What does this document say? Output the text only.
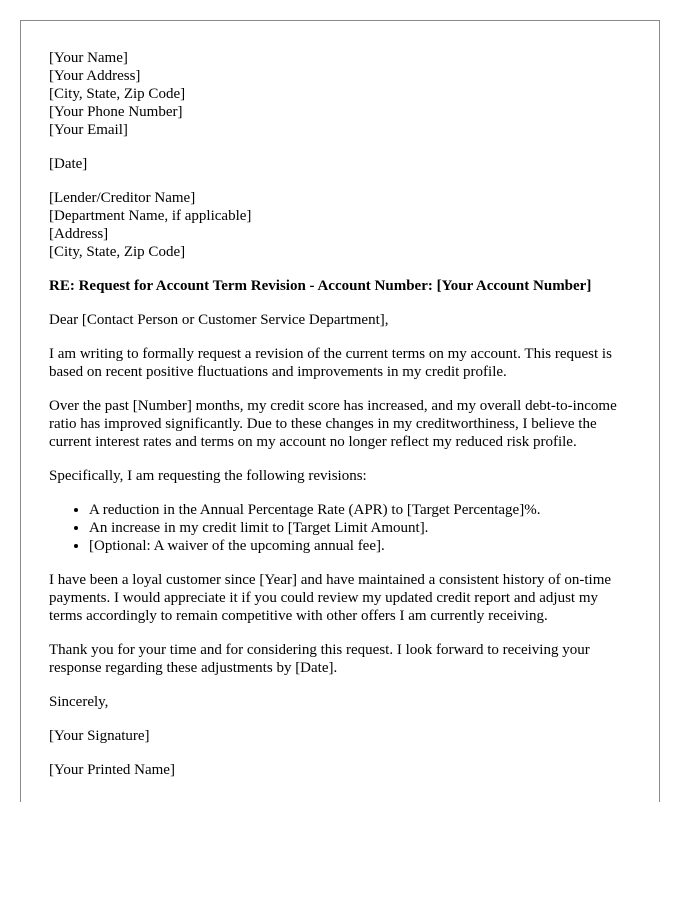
[Your Name]
[Your Address]
[City, State, Zip Code]
[Your Phone Number]
[Your Email]
[Date]
[Lender/Creditor Name]
[Department Name, if applicable]
[Address]
[City, State, Zip Code]

RE: Request for Account Term Revision - Account Number: [Your Account Number]

Dear [Contact Person or Customer Service Department],

I am writing to formally request a revision of the current terms on my account. This request is based on recent positive fluctuations and improvements in my credit profile.

Over the past [Number] months, my credit score has increased, and my overall debt-to-income ratio has improved significantly. Due to these changes in my creditworthiness, I believe the current interest rates and terms on my account no longer reflect my reduced risk profile.

Specifically, I am requesting the following revisions:

• A reduction in the Annual Percentage Rate (APR) to [Target Percentage]%.
• An increase in my credit limit to [Target Limit Amount].
• [Optional: A waiver of the upcoming annual fee].

I have been a loyal customer since [Year] and have maintained a consistent history of on-time payments. I would appreciate it if you could review my updated credit report and adjust my terms accordingly to remain competitive with other offers I am currently receiving.

Thank you for your time and for considering this request. I look forward to receiving your response regarding these adjustments by [Date].

Sincerely,

[Your Signature]

[Your Printed Name]
